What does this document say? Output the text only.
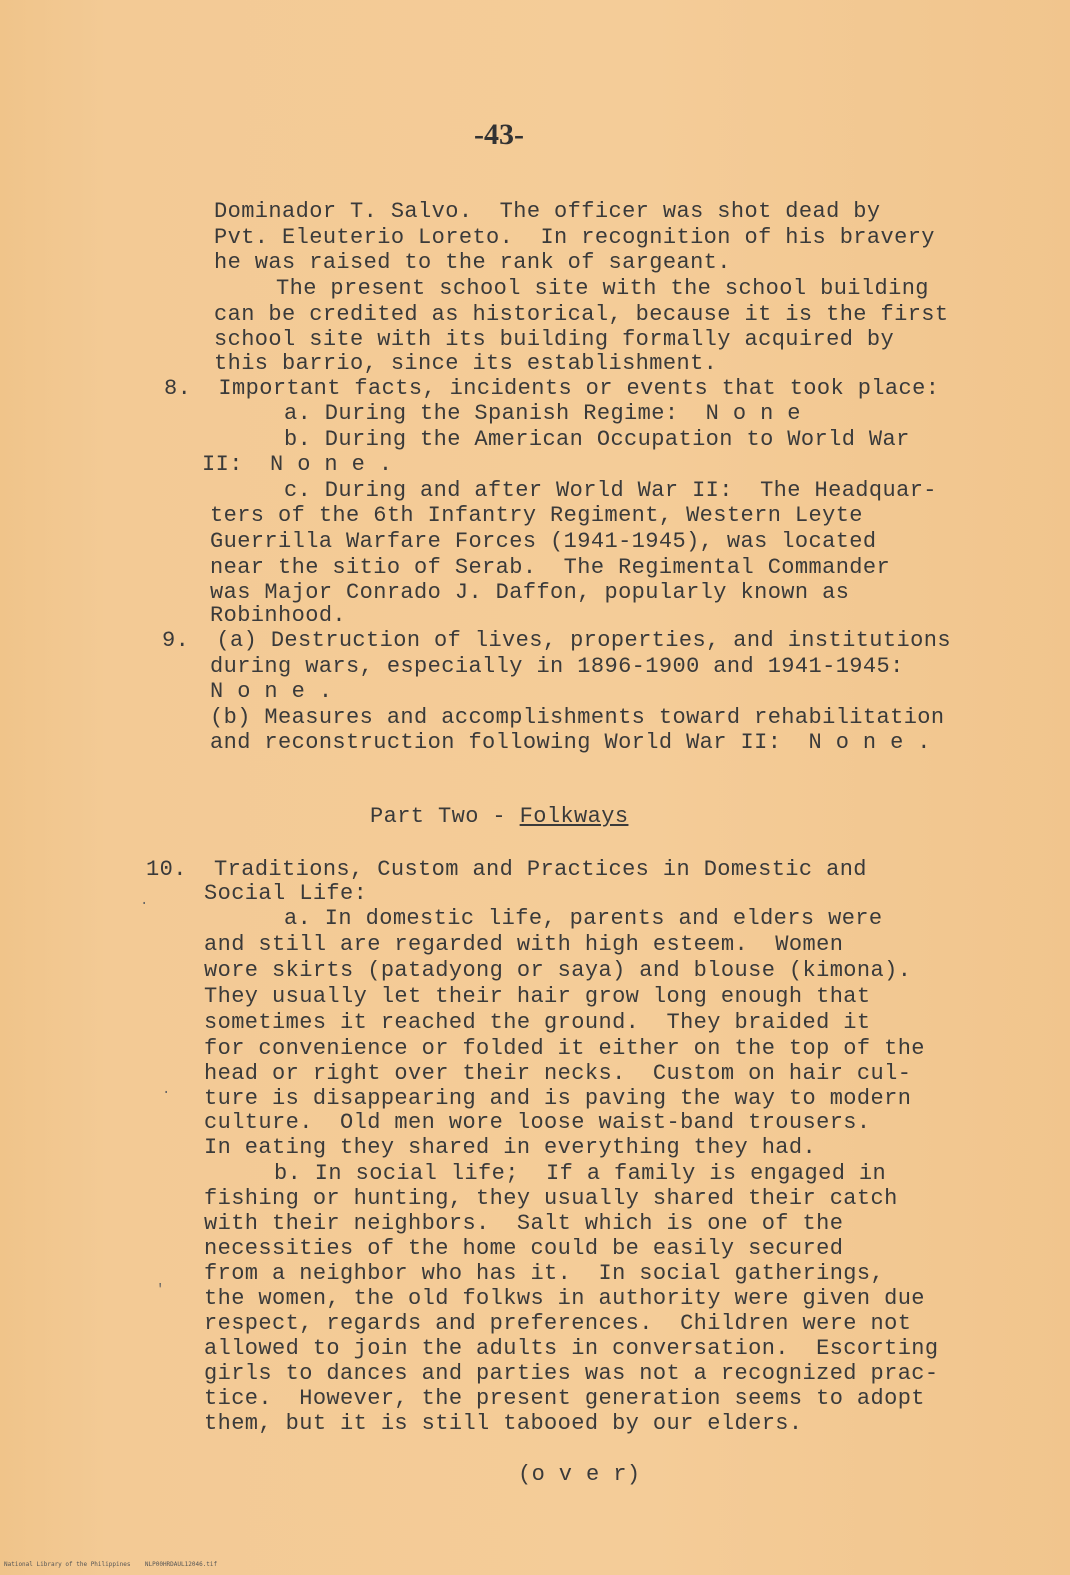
-43-
Dominador T. Salvo.  The officer was shot dead by
Pvt. Eleuterio Loreto.  In recognition of his bravery
he was raised to the rank of sargeant.
The present school site with the school building
can be credited as historical, because it is the first
school site with its building formally acquired by
this barrio, since its establishment.
8.  Important facts, incidents or events that took place:
a. During the Spanish Regime:  N o n e
b. During the American Occupation to World War
II:  N o n e .
c. During and after World War II:  The Headquar-
ters of the 6th Infantry Regiment, Western Leyte
Guerrilla Warfare Forces (1941-1945), was located
near the sitio of Serab.  The Regimental Commander
was Major Conrado J. Daffon, popularly known as
Robinhood.
9.  (a) Destruction of lives, properties, and institutions
during wars, especially in 1896-1900 and 1941-1945:
N o n e .
(b) Measures and accomplishments toward rehabilitation
and reconstruction following World War II:  N o n e .
Part Two - Folkways
10.  Traditions, Custom and Practices in Domestic and
Social Life:
a. In domestic life, parents and elders were
and still are regarded with high esteem.  Women
wore skirts (patadyong or saya) and blouse (kimona).
They usually let their hair grow long enough that
sometimes it reached the ground.  They braided it
for convenience or folded it either on the top of the
head or right over their necks.  Custom on hair cul-
ture is disappearing and is paving the way to modern
culture.  Old men wore loose waist-band trousers.
In eating they shared in everything they had.
b. In social life;  If a family is engaged in
fishing or hunting, they usually shared their catch
with their neighbors.  Salt which is one of the
necessities of the home could be easily secured
from a neighbor who has it.  In social gatherings,
the women, the old folkws in authority were given due
respect, regards and preferences.  Children were not
allowed to join the adults in conversation.  Escorting
girls to dances and parties was not a recognized prac-
tice.  However, the present generation seems to adopt
them, but it is still tabooed by our elders.
(o v e r)
·
·
′
National Library of the Philippines    NLP00HRDAUL12046.tif
